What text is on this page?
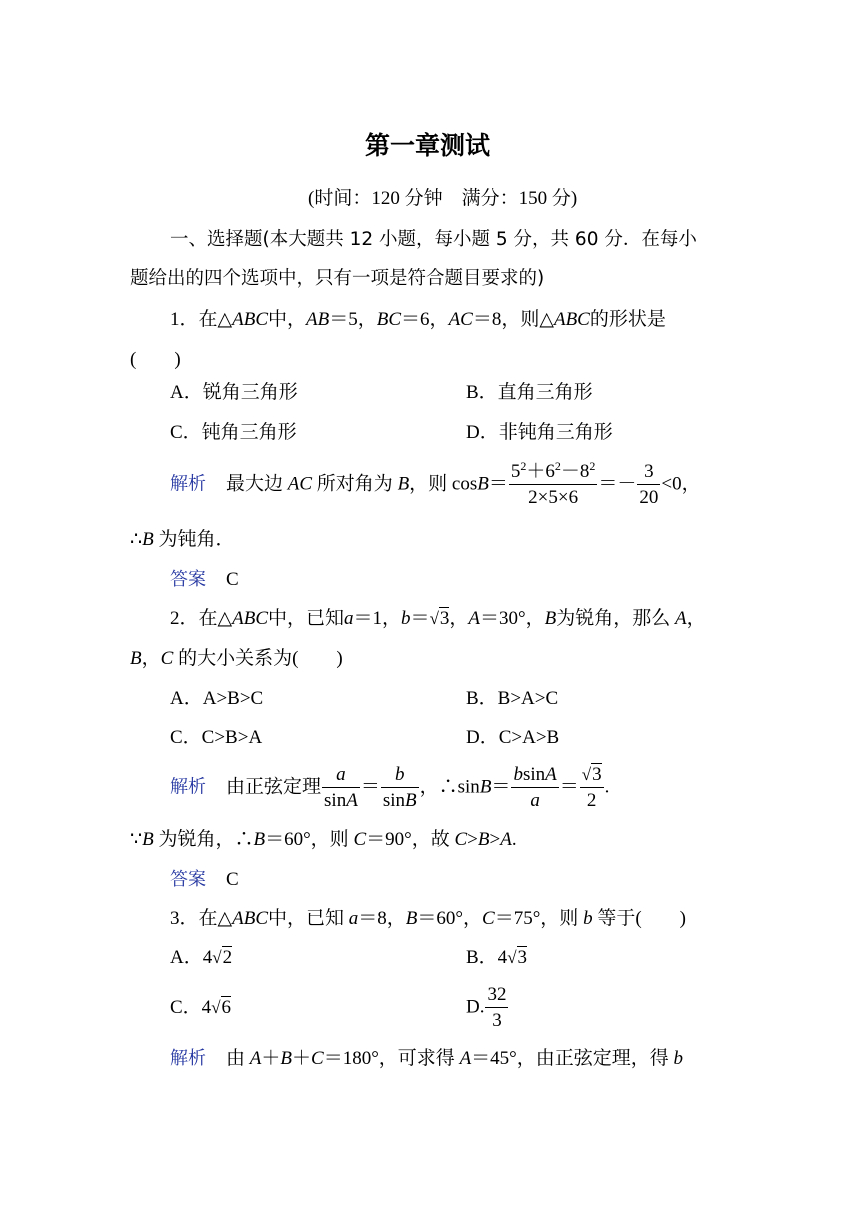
第一章测试
(时间：120 分钟　满分：150 分)
一、选择题(本大题共 12 小题，每小题 5 分，共 60 分．在每小
题给出的四个选项中，只有一项是符合题目要求的)
1．在△ABC中，AB＝5，BC＝6，AC＝8，则△ABC的形状是
(　　)
A．锐角三角形	B．直角三角形
C．钝角三角形	D．非钝角三角形
解析 最大边 AC 所对角为 B，则 $\cos B= \frac{5^2+6^2-8^2}{2\times 5\times 6} =- \frac{3}{20} <0$，
∴B 为钝角．
答案 C
2．在△ABC中，已知a＝1，b＝√3，A＝30°，B为锐角，那么 A，
B，C 的大小关系为(　　)
A．A>B>C	B．B>A>C
C．C>B>A	D．C>A>B
解析 由正弦定理 $\frac{a}{\sin A} = \frac{b}{\sin B}$ ，∴sinB＝ $\frac{bsinA}{a} = \frac{√3}{2}$ .
∵B 为锐角，∴B＝60°，则 C＝90°，故 C>B>A.
答案 C
3．在△ABC中，已知 a＝8，B＝60°，C＝75°，则 b 等于(　　)
A．4√2	B．4√3
C．4√6	D. $\frac{32}{3}$
解析 由 A＋B＋C＝180°，可求得 A＝45°，由正弦定理，得 b
